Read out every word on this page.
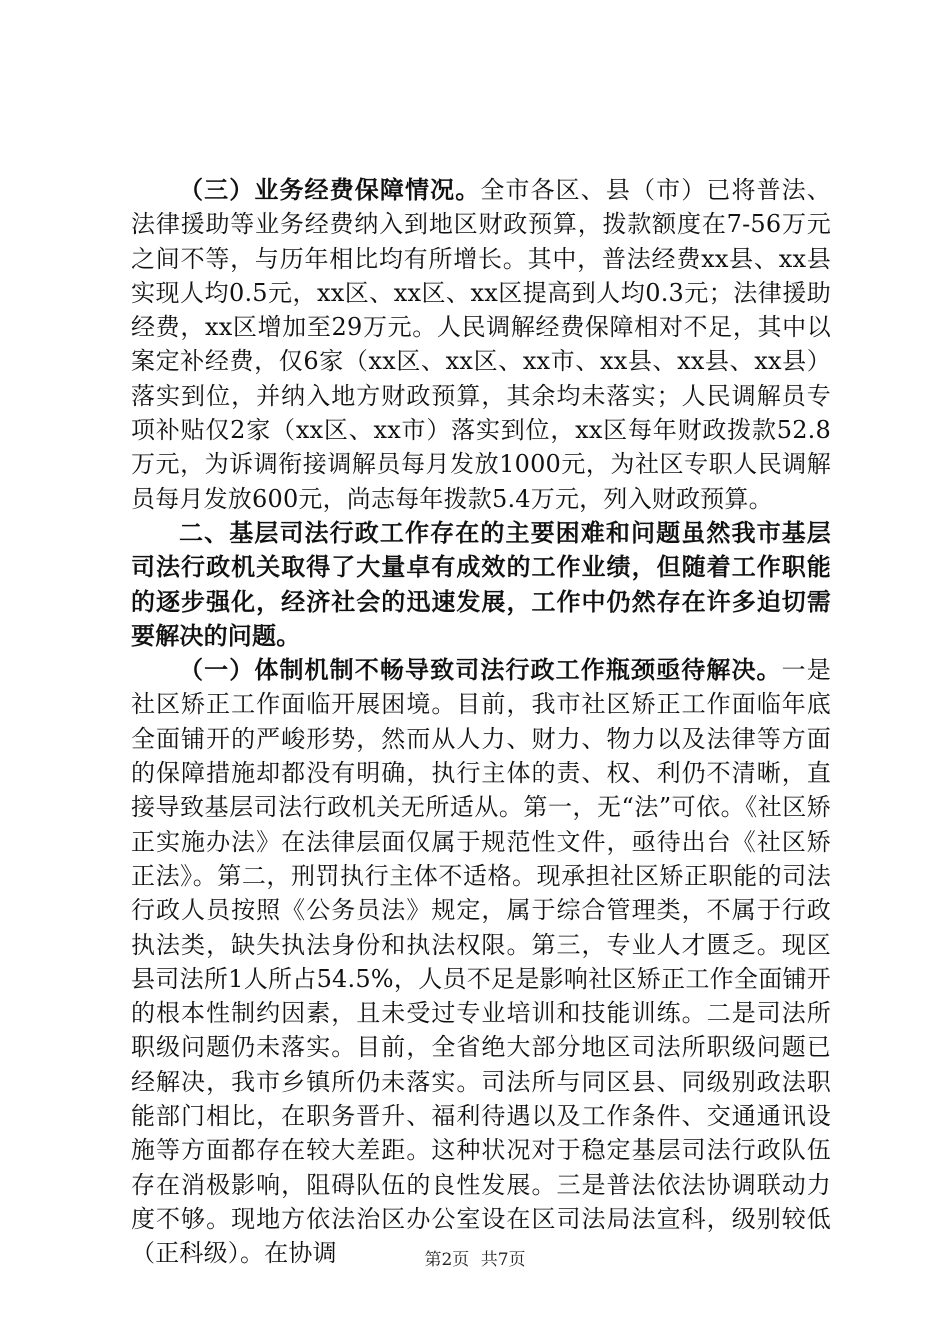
（三）业务经费保障情况。全市各区、县（市）已将普法、法律援助等业务经费纳入到地区财政预算，拨款额度在7-56万元之间不等，与历年相比均有所增长。其中，普法经费xx县、xx县实现人均0.5元，xx区、xx区、xx区提高到人均0.3元；法律援助经费，xx区增加至29万元。人民调解经费保障相对不足，其中以案定补经费，仅6家（xx区、xx区、xx市、xx县、xx县、xx县）落实到位，并纳入地方财政预算，其余均未落实；人民调解员专项补贴仅2家（xx区、xx市）落实到位，xx区每年财政拨款52.8万元，为诉调衔接调解员每月发放1000元，为社区专职人民调解员每月发放600元，尚志每年拨款5.4万元，列入财政预算。

二、基层司法行政工作存在的主要困难和问题虽然我市基层司法行政机关取得了大量卓有成效的工作业绩，但随着工作职能的逐步强化，经济社会的迅速发展，工作中仍然存在许多迫切需要解决的问题。

（一）体制机制不畅导致司法行政工作瓶颈亟待解决。一是社区矫正工作面临开展困境。目前，我市社区矫正工作面临年底全面铺开的严峻形势，然而从人力、财力、物力以及法律等方面的保障措施却都没有明确，执行主体的责、权、利仍不清晰，直接导致基层司法行政机关无所适从。第一，无“法”可依。《社区矫正实施办法》在法律层面仅属于规范性文件，亟待出台《社区矫正法》。第二，刑罚执行主体不适格。现承担社区矫正职能的司法行政人员按照《公务员法》规定，属于综合管理类，不属于行政执法类，缺失执法身份和执法权限。第三，专业人才匮乏。现区县司法所1人所占54.5%，人员不足是影响社区矫正工作全面铺开的根本性制约因素，且未受过专业培训和技能训练。二是司法所职级问题仍未落实。目前，全省绝大部分地区司法所职级问题已经解决，我市乡镇所仍未落实。司法所与同区县、同级别政法职能部门相比，在职务晋升、福利待遇以及工作条件、交通通讯设施等方面都存在较大差距。这种状况对于稳定基层司法行政队伍存在消极影响，阻碍队伍的良性发展。三是普法依法协调联动力度不够。现地方依法治区办公室设在区司法局法宣科，级别较低（正科级）。在协调	第2页 共7页
